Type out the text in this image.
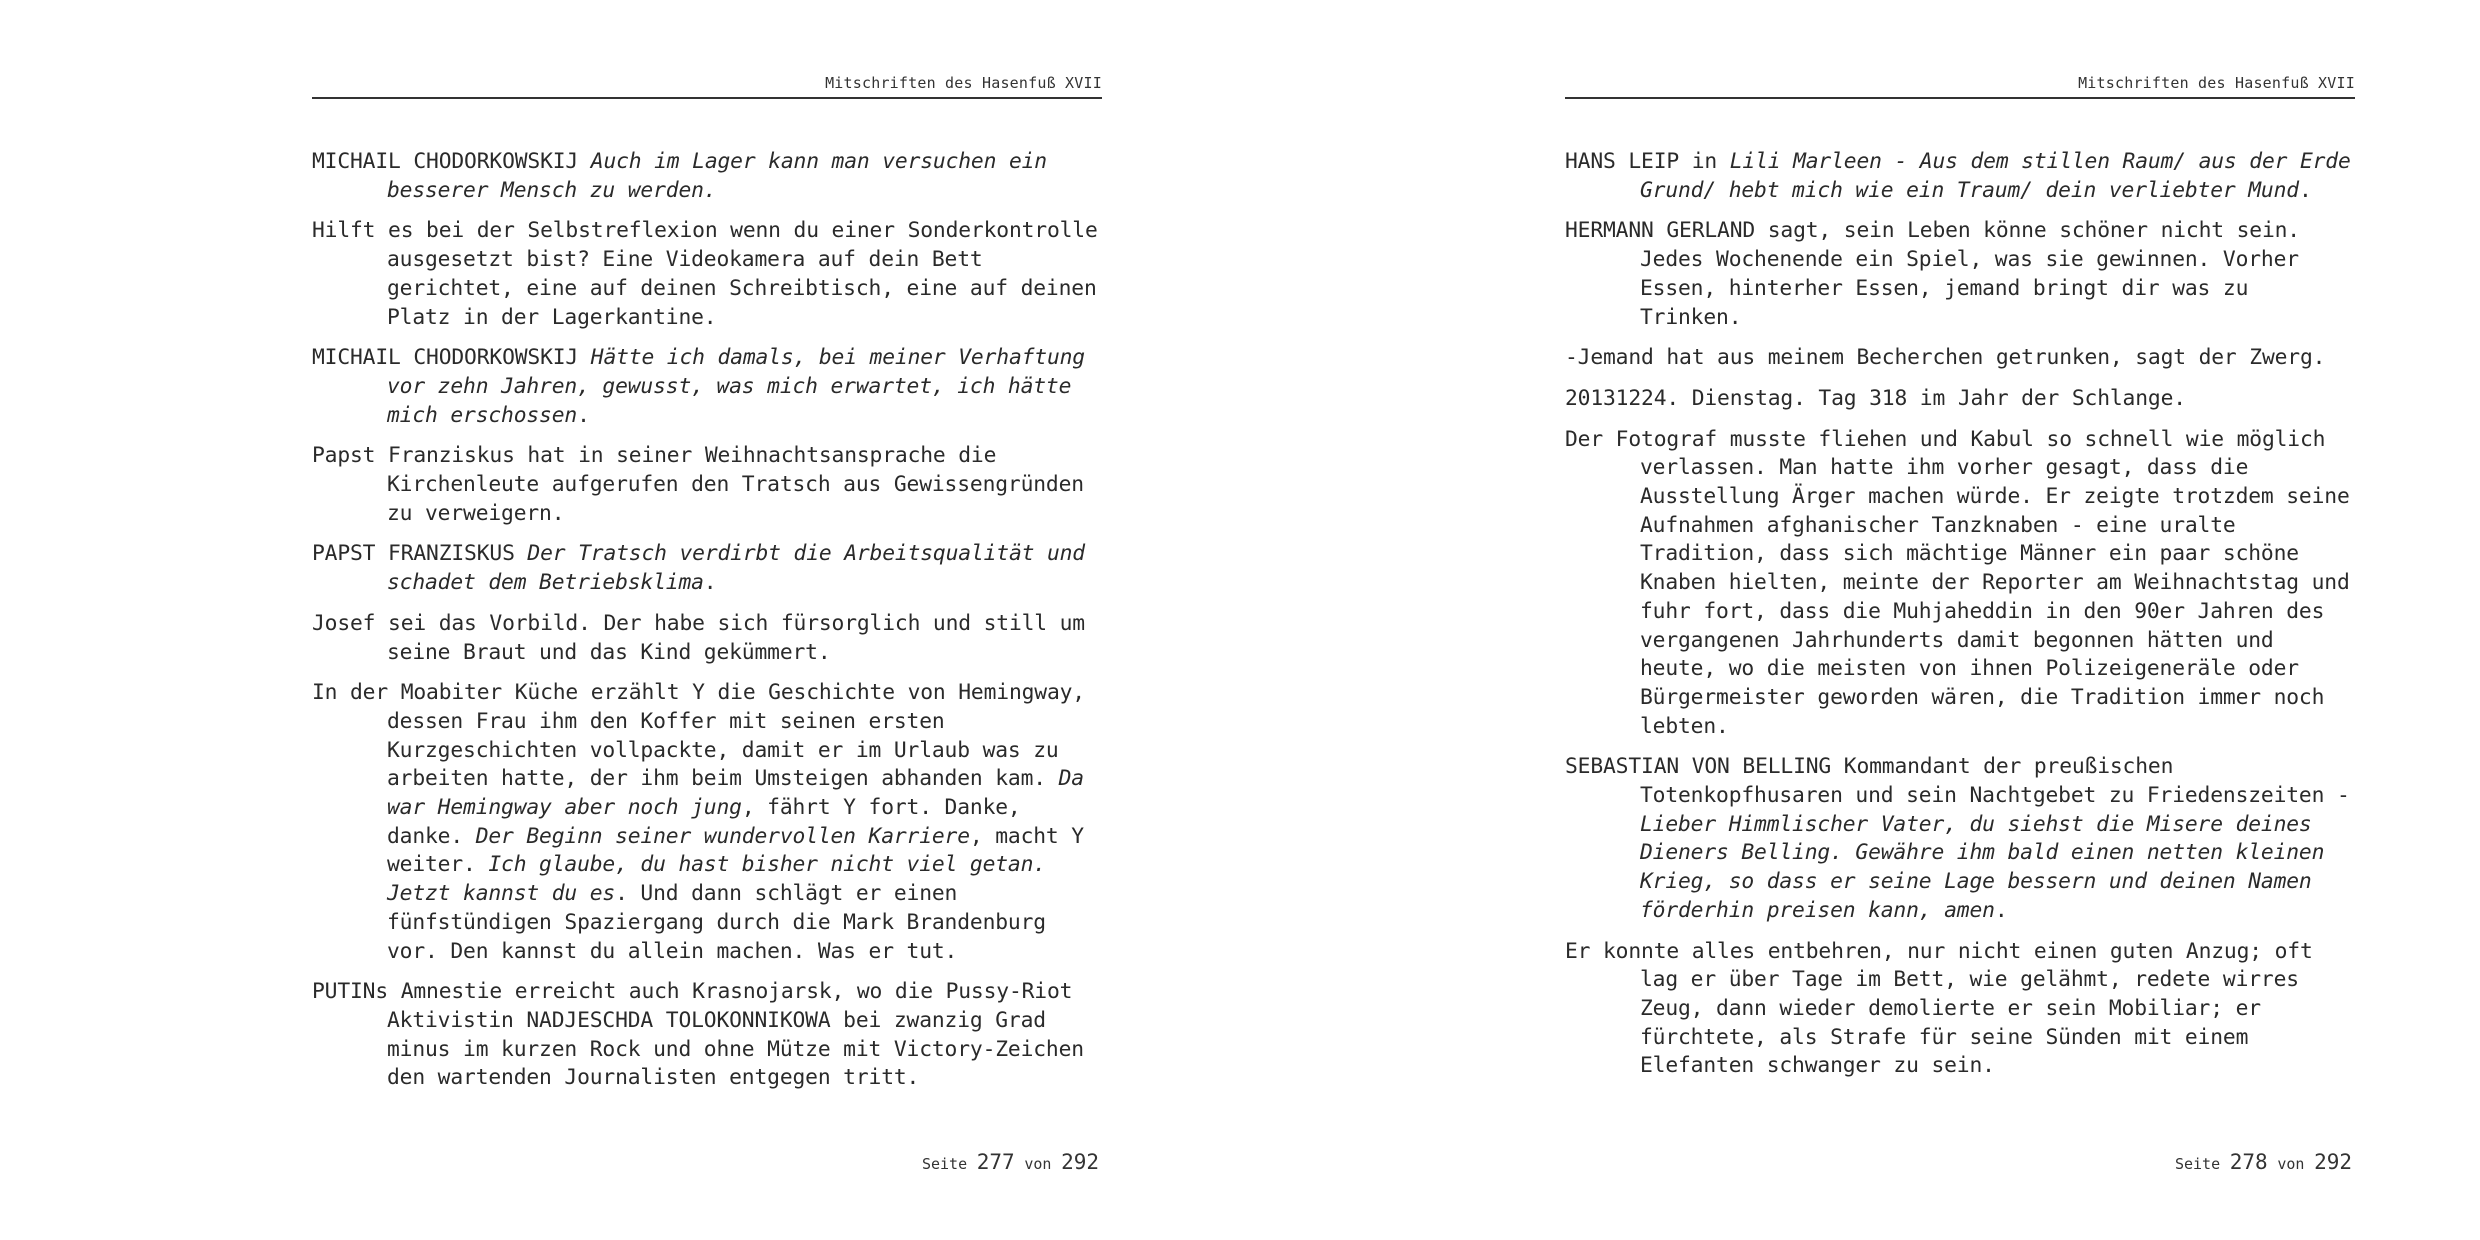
Mitschriften des Hasenfuß XVII

MICHAIL CHODORKOWSKIJ Auch im Lager kann man versuchen ein besserer Mensch zu werden.

Hilft es bei der Selbstreflexion wenn du einer Sonderkontrolle ausgesetzt bist? Eine Videokamera auf dein Bett gerichtet, eine auf deinen Schreibtisch, eine auf deinen Platz in der Lagerkantine.

MICHAIL CHODORKOWSKIJ Hätte ich damals, bei meiner Verhaftung vor zehn Jahren, gewusst, was mich erwartet, ich hätte mich erschossen.

Papst Franziskus hat in seiner Weihnachtsansprache die Kirchenleute aufgerufen den Tratsch aus Gewissengründen zu verweigern.

PAPST FRANZISKUS Der Tratsch verdirbt die Arbeitsqualität und schadet dem Betriebsklima.

Josef sei das Vorbild. Der habe sich fürsorglich und still um seine Braut und das Kind gekümmert.

In der Moabiter Küche erzählt Y die Geschichte von Hemingway, dessen Frau ihm den Koffer mit seinen ersten Kurzgeschichten vollpackte, damit er im Urlaub was zu arbeiten hatte, der ihm beim Umsteigen abhanden kam. Da war Hemingway aber noch jung, fährt Y fort. Danke, danke. Der Beginn seiner wundervollen Karriere, macht Y weiter. Ich glaube, du hast bisher nicht viel getan. Jetzt kannst du es. Und dann schlägt er einen fünfstündigen Spaziergang durch die Mark Brandenburg vor. Den kannst du allein machen. Was er tut.

PUTINs Amnestie erreicht auch Krasnojarsk, wo die Pussy-Riot Aktivistin NADJESCHDA TOLOKONNIKOWA bei zwanzig Grad minus im kurzen Rock und ohne Mütze mit Victory-Zeichen den wartenden Journalisten entgegen tritt.

Seite 277 von 292
Mitschriften des Hasenfuß XVII

HANS LEIP in Lili Marleen - Aus dem stillen Raum/ aus der Erde Grund/ hebt mich wie ein Traum/ dein verliebter Mund.

HERMANN GERLAND sagt, sein Leben könne schöner nicht sein. Jedes Wochenende ein Spiel, was sie gewinnen. Vorher Essen, hinterher Essen, jemand bringt dir was zu Trinken.

-Jemand hat aus meinem Becherchen getrunken, sagt der Zwerg.

20131224. Dienstag. Tag 318 im Jahr der Schlange.

Der Fotograf musste fliehen und Kabul so schnell wie möglich verlassen. Man hatte ihm vorher gesagt, dass die Ausstellung Ärger machen würde. Er zeigte trotzdem seine Aufnahmen afghanischer Tanzknaben - eine uralte Tradition, dass sich mächtige Männer ein paar schöne Knaben hielten, meinte der Reporter am Weihnachtstag und fuhr fort, dass die Muhjaheddin in den 90er Jahren des vergangenen Jahrhunderts damit begonnen hätten und heute, wo die meisten von ihnen Polizeigeneräle oder Bürgermeister geworden wären, die Tradition immer noch lebten.

SEBASTIAN VON BELLING Kommandant der preußischen Totenkopfhusaren und sein Nachtgebet zu Friedenszeiten - Lieber Himmlischer Vater, du siehst die Misere deines Dieners Belling. Gewähre ihm bald einen netten kleinen Krieg, so dass er seine Lage bessern und deinen Namen förderhin preisen kann, amen.

Er konnte alles entbehren, nur nicht einen guten Anzug; oft lag er über Tage im Bett, wie gelähmt, redete wirres Zeug, dann wieder demolierte er sein Mobiliar; er fürchtete, als Strafe für seine Sünden mit einem Elefanten schwanger zu sein.

Seite 278 von 292
